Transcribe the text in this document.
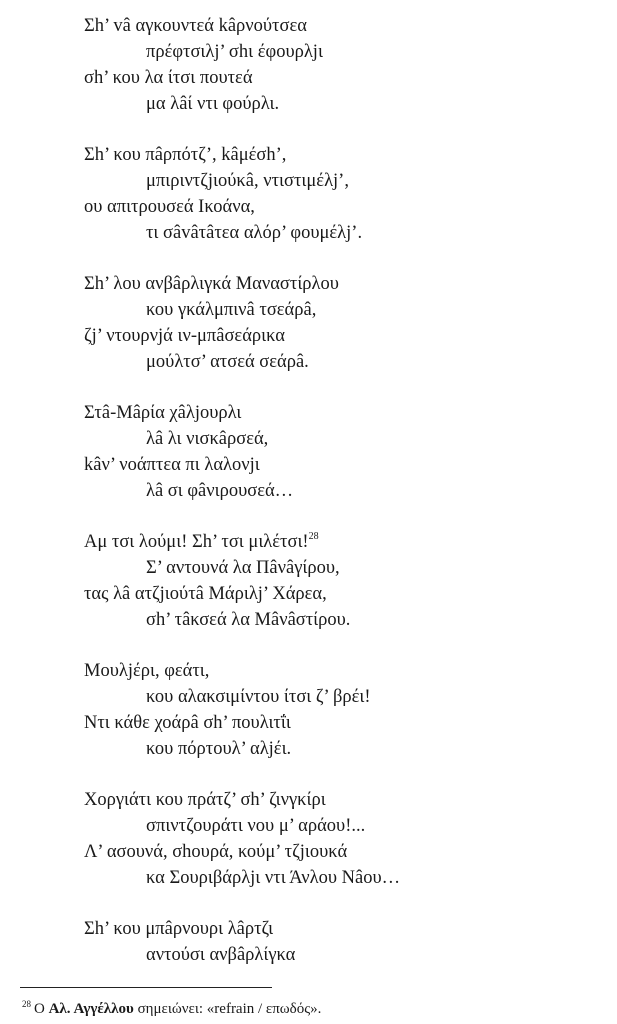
Σh’ vâ αγκουντεά kâρνούτσεα
πρέφτσιλj’ σhι έφουρλjι
σh’ κου λα ίτσι πουτεά
μα λâί ντι φούρλι.
Σh’ κου πâρπότζ’, kâμέσh’,
μπιριντζjιούκâ, ντιστιμέλj’,
ου απιτρουσεά Ικοάνα,
τι σâvâτâτεα αλόρ’ φουμέλj’.
Σh’ λου ανβâρλιγκά Μαναστίρλου
κου γκάλμπινâ τσεάρâ,
ζj’ ντουρνjά ιν-μπâσεάρικα
μούλτσ’ ατσεά σεάρâ.
Στâ-Μâρία χâλjουρλι
λâ λι νισκâρσεά,
kâν’ νοάπτεα πι λαλονjι
λâ σι φâνιρουσεά…
Αμ τσι λούμι! Σh’ τσι μιλέτσι!$^{28}$
Σ’ αντουνά λα Πâνâγίρου,
τας λâ ατζjιούτâ Μάριλj’ Χάρεα,
σh’ τâκσεά λα Μâνâστίρου.
Μουλjέρι, φεάτι,
κου αλακσιμίντου ίτσι ζ’ βρέι!
Ντι κάθε χοάρâ σh’ πουλιτΐι
κου πόρτουλ’ αλjέι.
Χοργιάτι κου πράτζ’ σh’ ζινγκίρι
σπιντζουράτι νου μ’ αράου!...
Λ’ ασουνά, σhουρά, κούμ’ τζjιουκά
κα Σουριβάρλjι ντι Άνλου Νâου…
Σh’ κου μπâρνουρι λâρτζι
αντούσι ανβâρλίγκα
$^{28}$ Ο Αλ. Αγγέλλου σημειώνει: «refrain / επωδός».
